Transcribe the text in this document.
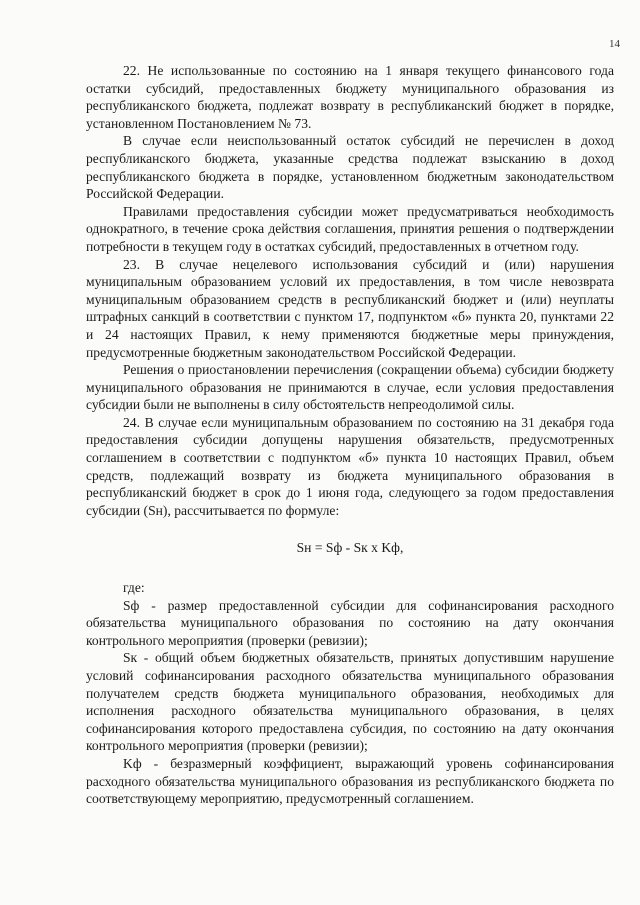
14

22. Не использованные по состоянию на 1 января текущего финансового года остатки субсидий, предоставленных бюджету муниципального образования из республиканского бюджета, подлежат возврату в республиканский бюджет в порядке, установленном Постановлением № 73.

В случае если неиспользованный остаток субсидий не перечислен в доход республиканского бюджета, указанные средства подлежат взысканию в доход республиканского бюджета в порядке, установленном бюджетным законодательством Российской Федерации.

Правилами предоставления субсидии может предусматриваться необходимость однократного, в течение срока действия соглашения, принятия решения о подтверждении потребности в текущем году в остатках субсидий, предоставленных в отчетном году.

23. В случае нецелевого использования субсидий и (или) нарушения муниципальным образованием условий их предоставления, в том числе невозврата муниципальным образованием средств в республиканский бюджет и (или) неуплаты штрафных санкций в соответствии с пунктом 17, подпунктом «б» пункта 20, пунктами 22 и 24 настоящих Правил, к нему применяются бюджетные меры принуждения, предусмотренные бюджетным законодательством Российской Федерации.

Решения о приостановлении перечисления (сокращении объема) субсидии бюджету муниципального образования не принимаются в случае, если условия предоставления субсидии были не выполнены в силу обстоятельств непреодолимой силы.

24. В случае если муниципальным образованием по состоянию на 31 декабря года предоставления субсидии допущены нарушения обязательств, предусмотренных соглашением в соответствии с подпунктом «б» пункта 10 настоящих Правил, объем средств, подлежащий возврату из бюджета муниципального образования в республиканский бюджет в срок до 1 июня года, следующего за годом предоставления субсидии (Sн), рассчитывается по формуле:

Sн = Sф - Sк x Kф,

где:

Sф - размер предоставленной субсидии для софинансирования расходного обязательства муниципального образования по состоянию на дату окончания контрольного мероприятия (проверки (ревизии);

Sк - общий объем бюджетных обязательств, принятых допустившим нарушение условий софинансирования расходного обязательства муниципального образования получателем средств бюджета муниципального образования, необходимых для исполнения расходного обязательства муниципального образования, в целях софинансирования которого предоставлена субсидия, по состоянию на дату окончания контрольного мероприятия (проверки (ревизии);

Kф - безразмерный коэффициент, выражающий уровень софинансирования расходного обязательства муниципального образования из республиканского бюджета по соответствующему мероприятию, предусмотренный соглашением.
